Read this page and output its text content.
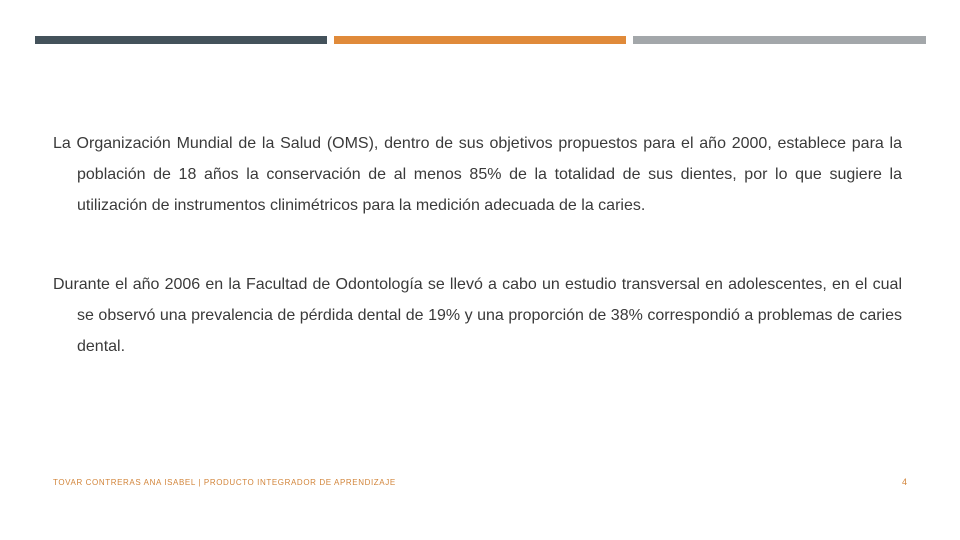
La Organización Mundial de la Salud (OMS), dentro de sus objetivos propuestos para el año 2000, establece para la población de 18 años la conservación de al menos 85% de la totalidad de sus dientes, por lo que sugiere la utilización de instrumentos clinimétricos para la medición adecuada de la caries.

Durante el año 2006 en la Facultad de Odontología se llevó a cabo un estudio transversal en adolescentes, en el cual se observó una prevalencia de pérdida dental de 19% y una proporción de 38% correspondió a problemas de caries dental.

TOVAR CONTRERAS ANA ISABEL | PRODUCTO INTEGRADOR DE APRENDIZAJE	4
